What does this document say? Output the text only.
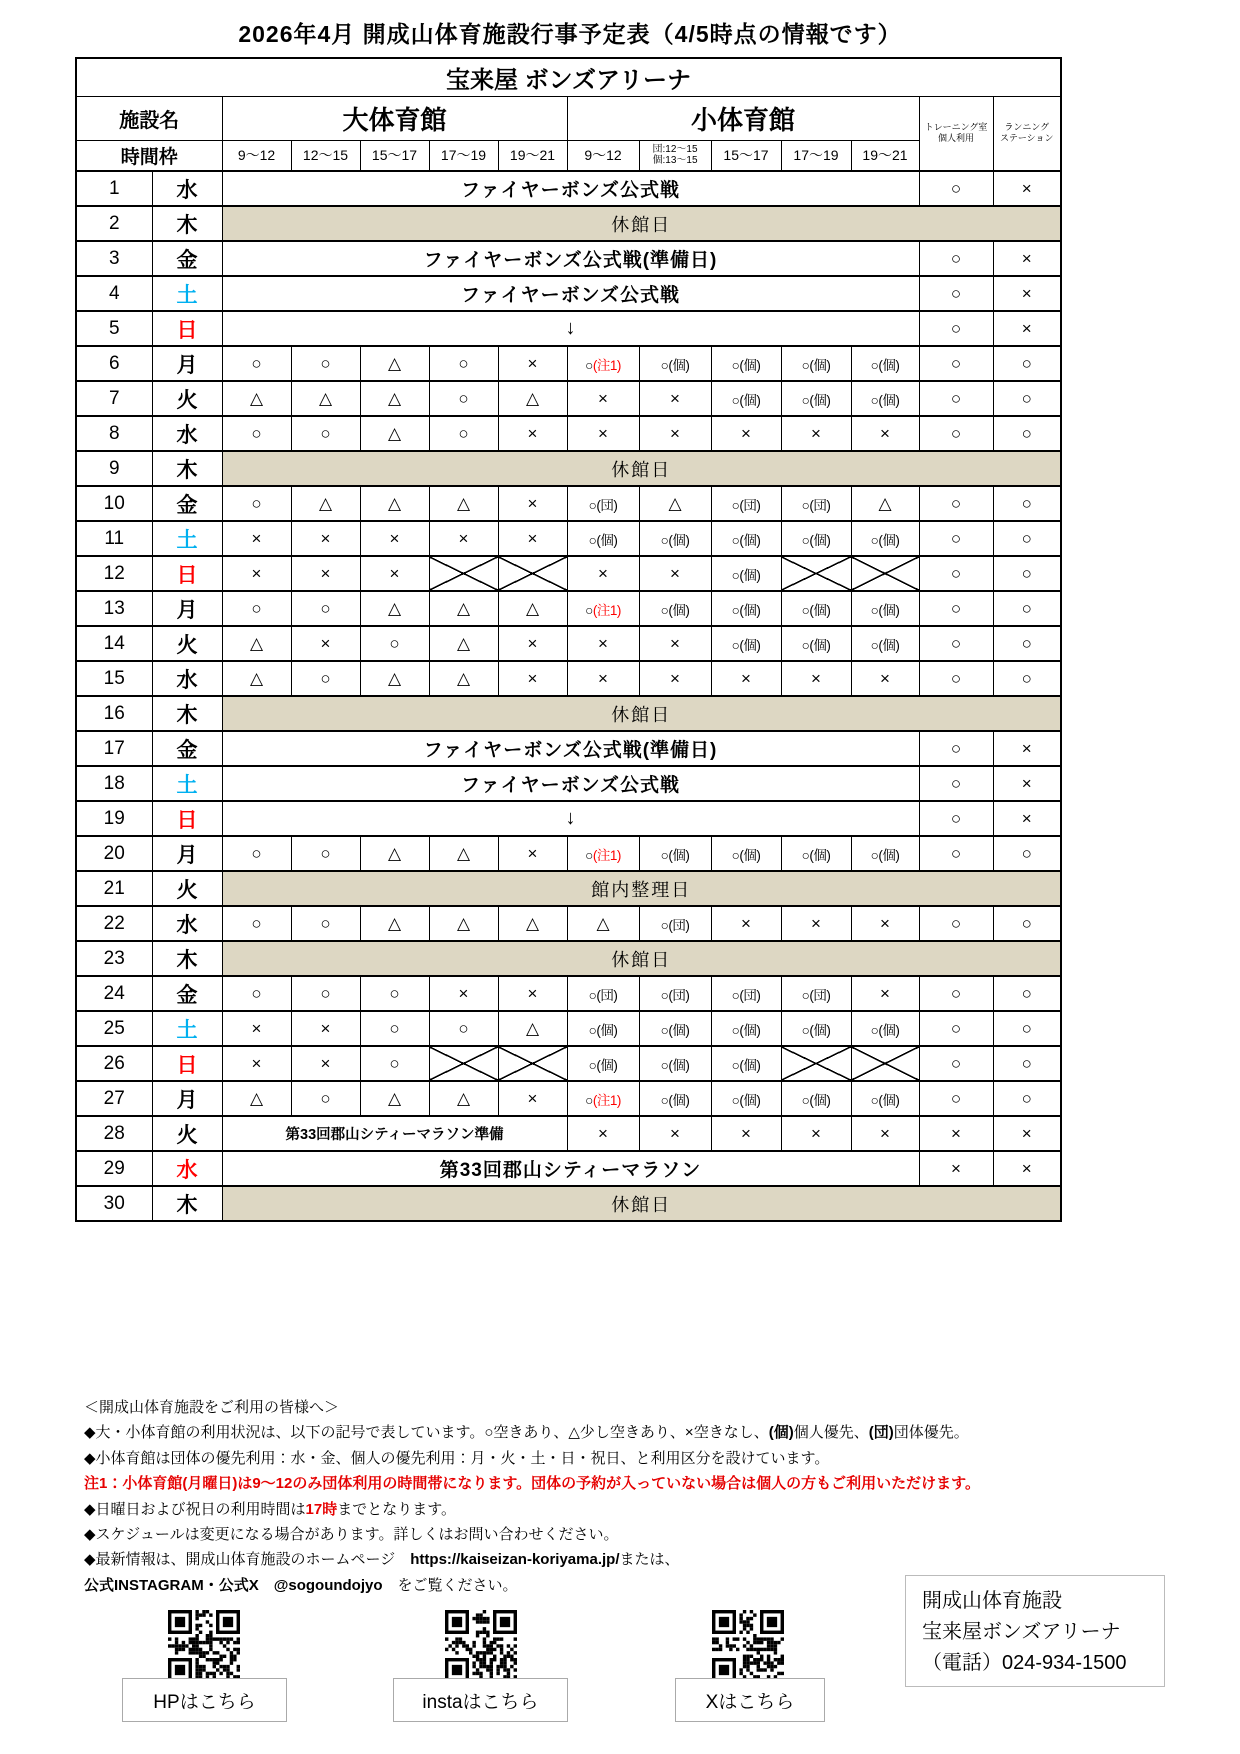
2026年4月 開成山体育施設行事予定表（4/5時点の情報です）
宝来屋 ボンズアリーナ													
施設名		大体育館					小体育館					トレーニング室
個人利用	ランニング
ステーション
時間枠		9～12	12～15	15～17	17～19	19～21	9～12	団:12～15
個:13～15	15～17	17～19	19～21		
1	水	ファイヤーボンズ公式戦										○	×
2	木	休館日											
3	金	ファイヤーボンズ公式戦(準備日)										○	×
4	土	ファイヤーボンズ公式戦										○	×
5	日	↓										○	×
6	月	○	○	△	○	×	○(注1)	○(個)	○(個)	○(個)	○(個)	○	○
7	火	△	△	△	○	△	×	×	○(個)	○(個)	○(個)	○	○
8	水	○	○	△	○	×	×	×	×	×	×	○	○
9	木	休館日											
10	金	○	△	△	△	×	○(団)	△	○(団)	○(団)	△	○	○
11	土	×	×	×	×	×	○(個)	○(個)	○(個)	○(個)	○(個)	○	○
12	日	×	×	×			×	×	○(個)			○	○
13	月	○	○	△	△	△	○(注1)	○(個)	○(個)	○(個)	○(個)	○	○
14	火	△	×	○	△	×	×	×	○(個)	○(個)	○(個)	○	○
15	水	△	○	△	△	×	×	×	×	×	×	○	○
16	木	休館日											
17	金	ファイヤーボンズ公式戦(準備日)										○	×
18	土	ファイヤーボンズ公式戦										○	×
19	日	↓										○	×
20	月	○	○	△	△	×	○(注1)	○(個)	○(個)	○(個)	○(個)	○	○
21	火	館内整理日											
22	水	○	○	△	△	△	△	○(団)	×	×	×	○	○
23	木	休館日											
24	金	○	○	○	×	×	○(団)	○(団)	○(団)	○(団)	×	○	○
25	土	×	×	○	○	△	○(個)	○(個)	○(個)	○(個)	○(個)	○	○
26	日	×	×	○			○(個)	○(個)	○(個)			○	○
27	月	△	○	△	△	×	○(注1)	○(個)	○(個)	○(個)	○(個)	○	○
28	火	第33回郡山シティーマラソン準備					×	×	×	×	×	×	×
29	水	第33回郡山シティーマラソン										×	×
30	木	休館日											
＜開成山体育施設をご利用の皆様へ＞
◆大・小体育館の利用状況は、以下の記号で表しています。○空きあり、△少し空きあり、×空きなし、(個)個人優先、(団)団体優先。
◆小体育館は団体の優先利用：水・金、個人の優先利用：月・火・土・日・祝日、と利用区分を設けています。
注1：小体育館(月曜日)は9～12のみ団体利用の時間帯になります。団体の予約が入っていない場合は個人の方もご利用いただけます。
◆日曜日および祝日の利用時間は17時までとなります。
◆スケジュールは変更になる場合があります。詳しくはお問い合わせください。
◆最新情報は、開成山体育施設のホームページ　https://kaiseizan-koriyama.jp/または、
公式INSTAGRAM・公式X　@sogoundojyo　をご覧ください。
HPはこちら	instaはこちら	Xはこちら
開成山体育施設
宝来屋ボンズアリーナ
（電話）024-934-1500
